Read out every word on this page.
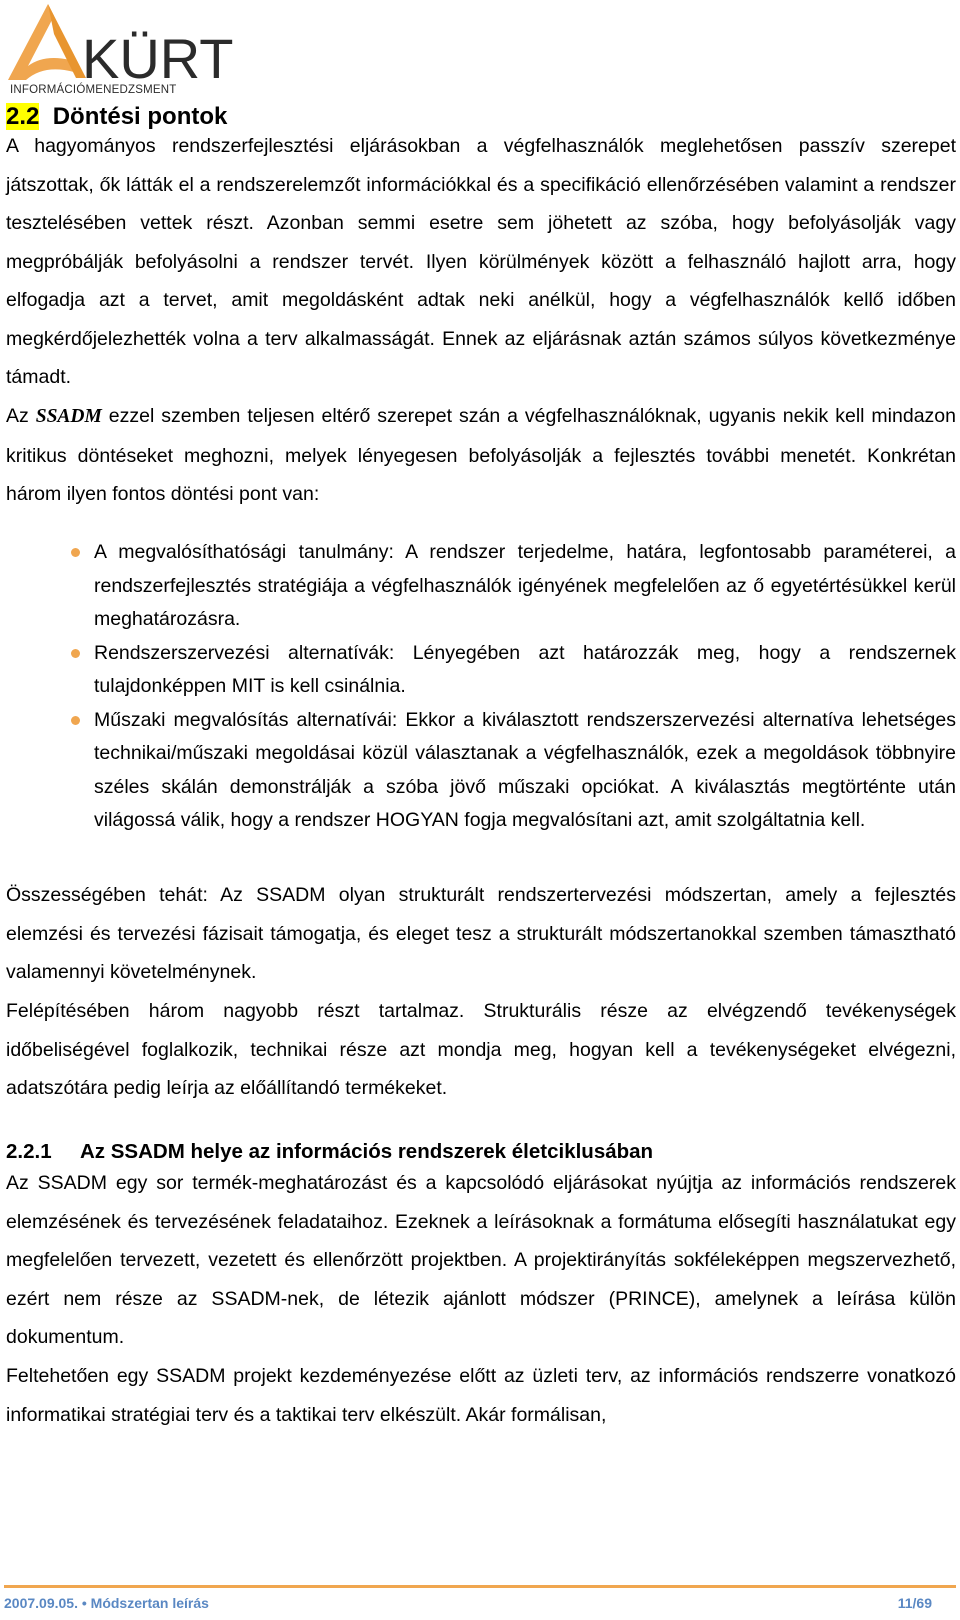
KÜRT
INFORMÁCIÓMENEDZSMENT
2.2 Döntési pontok
A hagyományos rendszerfejlesztési eljárásokban a végfelhasználók meglehetősen passzív szerepet játszottak, ők látták el a rendszerelemzőt információkkal és a specifikáció ellenőrzésében valamint a rendszer tesztelésében vettek részt. Azonban semmi esetre sem jöhetett az szóba, hogy befolyásolják vagy megpróbálják befolyásolni a rendszer tervét. Ilyen körülmények között a felhasználó hajlott arra, hogy elfogadja azt a tervet, amit megoldásként adtak neki anélkül, hogy a végfelhasználók kellő időben megkérdőjelezhették volna a terv alkalmasságát. Ennek az eljárásnak aztán számos súlyos következménye támadt.
Az SSADM ezzel szemben teljesen eltérő szerepet szán a végfelhasználóknak, ugyanis nekik kell mindazon kritikus döntéseket meghozni, melyek lényegesen befolyásolják a fejlesztés további menetét. Konkrétan három ilyen fontos döntési pont van:
A megvalósíthatósági tanulmány: A rendszer terjedelme, határa, legfontosabb paraméterei, a rendszerfejlesztés stratégiája a végfelhasználók igényének megfelelően az ő egyetértésükkel kerül meghatározásra.
Rendszerszervezési alternatívák: Lényegében azt határozzák meg, hogy a rendszernek tulajdonképpen MIT is kell csinálnia.
Műszaki megvalósítás alternatívái: Ekkor a kiválasztott rendszerszervezési alternatíva lehetséges technikai/műszaki megoldásai közül választanak a végfelhasználók, ezek a megoldások többnyire széles skálán demonstrálják a szóba jövő műszaki opciókat. A kiválasztás megtörténte után világossá válik, hogy a rendszer HOGYAN fogja megvalósítani azt, amit szolgáltatnia kell.
Összességében tehát: Az SSADM olyan strukturált rendszertervezési módszertan, amely a fejlesztés elemzési és tervezési fázisait támogatja, és eleget tesz a strukturált módszertanokkal szemben támasztható valamennyi követelménynek.
Felépítésében három nagyobb részt tartalmaz. Strukturális része az elvégzendő tevékenységek időbeliségével foglalkozik, technikai része azt mondja meg, hogyan kell a tevékenységeket elvégezni, adatszótára pedig leírja az előállítandó termékeket.
2.2.1 Az SSADM helye az információs rendszerek életciklusában
Az SSADM egy sor termék-meghatározást és a kapcsolódó eljárásokat nyújtja az információs rendszerek elemzésének és tervezésének feladataihoz. Ezeknek a leírásoknak a formátuma elősegíti használatukat egy megfelelően tervezett, vezetett és ellenőrzött projektben. A projektirányítás sokféleképpen megszervezhető, ezért nem része az SSADM-nek, de létezik ajánlott módszer (PRINCE), amelynek a leírása külön dokumentum.
Feltehetően egy SSADM projekt kezdeményezése előtt az üzleti terv, az információs rendszerre vonatkozó informatikai stratégiai terv és a taktikai terv elkészült. Akár formálisan,
2007.09.05. • Módszertan leírás	11/69
